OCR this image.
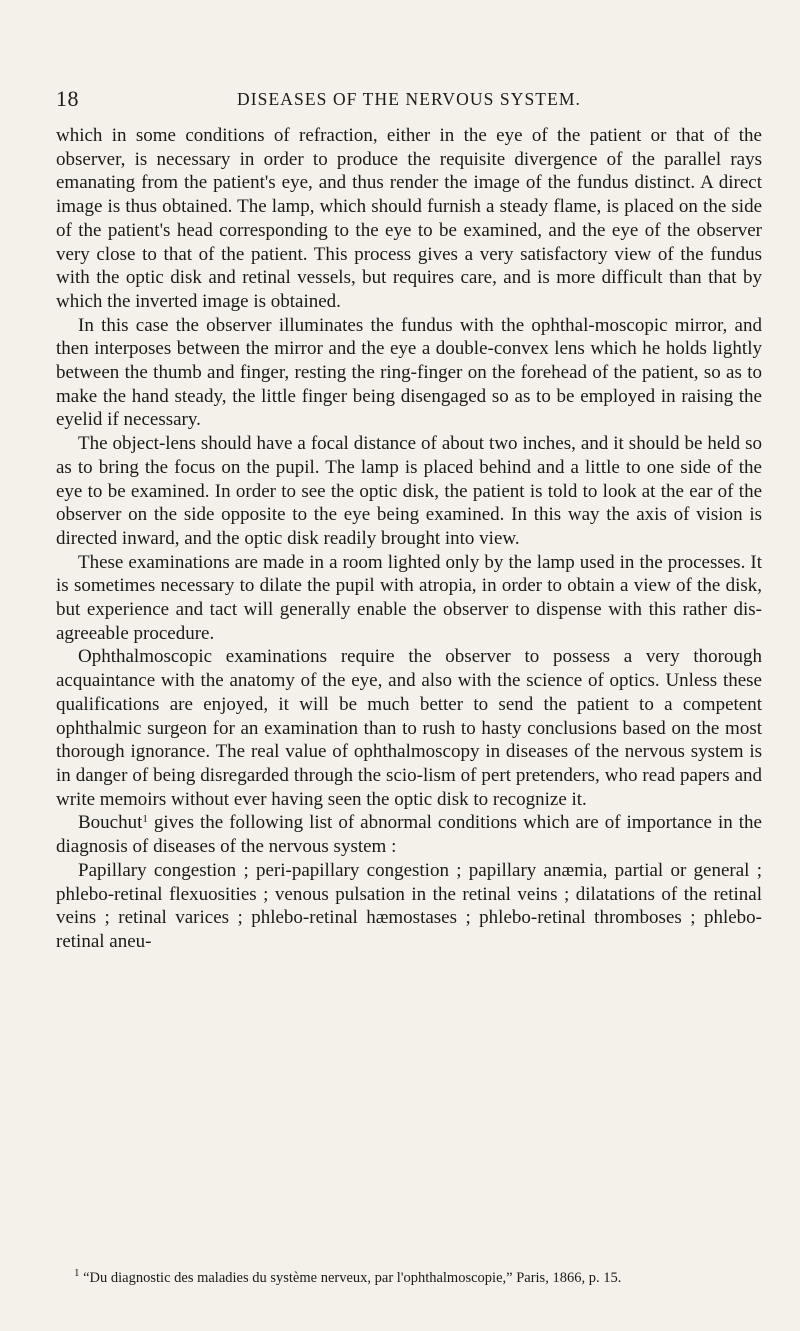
18	DISEASES OF THE NERVOUS SYSTEM.

which in some conditions of refraction, either in the eye of the patient or that of the observer, is necessary in order to produce the requisite divergence of the parallel rays emanating from the patient's eye, and thus render the image of the fundus distinct. A direct image is thus obtained. The lamp, which should furnish a steady flame, is placed on the side of the patient's head corresponding to the eye to be examined, and the eye of the observer very close to that of the patient. This process gives a very satisfactory view of the fundus with the optic disk and retinal vessels, but requires care, and is more difficult than that by which the inverted image is obtained.

In this case the observer illuminates the fundus with the ophthal-moscopic mirror, and then interposes between the mirror and the eye a double-convex lens which he holds lightly between the thumb and finger, resting the ring-finger on the forehead of the patient, so as to make the hand steady, the little finger being disengaged so as to be employed in raising the eyelid if necessary.

The object-lens should have a focal distance of about two inches, and it should be held so as to bring the focus on the pupil. The lamp is placed behind and a little to one side of the eye to be examined. In order to see the optic disk, the patient is told to look at the ear of the observer on the side opposite to the eye being examined. In this way the axis of vision is directed inward, and the optic disk readily brought into view.

These examinations are made in a room lighted only by the lamp used in the processes. It is sometimes necessary to dilate the pupil with atropia, in order to obtain a view of the disk, but experience and tact will generally enable the observer to dispense with this rather dis-agreeable procedure.

Ophthalmoscopic examinations require the observer to possess a very thorough acquaintance with the anatomy of the eye, and also with the science of optics. Unless these qualifications are enjoyed, it will be much better to send the patient to a competent ophthalmic surgeon for an examination than to rush to hasty conclusions based on the most thorough ignorance. The real value of ophthalmoscopy in diseases of the nervous system is in danger of being disregarded through the scio-lism of pert pretenders, who read papers and write memoirs without ever having seen the optic disk to recognize it.

Bouchut$^1$ gives the following list of abnormal conditions which are of importance in the diagnosis of diseases of the nervous system :

Papillary congestion ; peri-papillary congestion ; papillary anæmia, partial or general ; phlebo-retinal flexuosities ; venous pulsation in the retinal veins ; dilatations of the retinal veins ; retinal varices ; phlebo-retinal hæmostases ; phlebo-retinal thromboses ; phlebo-retinal aneu-

$^1$ “Du diagnostic des maladies du système nerveux, par l'ophthalmoscopie,” Paris, 1866, p. 15.
